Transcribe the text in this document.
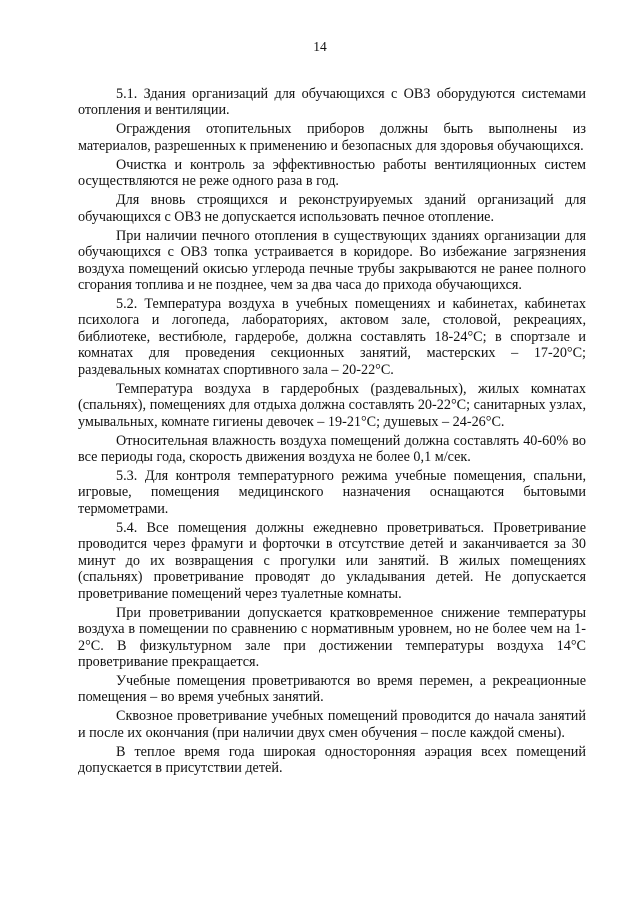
14

5.1. Здания организаций для обучающихся с ОВЗ оборудуются системами отопления и вентиляции.

Ограждения отопительных приборов должны быть выполнены из материалов, разрешенных к применению и безопасных для здоровья обучающихся.

Очистка и контроль за эффективностью работы вентиляционных систем осуществляются не реже одного раза в год.

Для вновь строящихся и реконструируемых зданий организаций для обучающихся с ОВЗ не допускается использовать печное отопление.

При наличии печного отопления в существующих зданиях организации для обучающихся с ОВЗ топка устраивается в коридоре. Во избежание загрязнения воздуха помещений окисью углерода печные трубы закрываются не ранее полного сгорания топлива и не позднее, чем за два часа до прихода обучающихся.

5.2. Температура воздуха в учебных помещениях и кабинетах, кабинетах психолога и логопеда, лабораториях, актовом зале, столовой, рекреациях, библиотеке, вестибюле, гардеробе, должна составлять 18-24°С; в спортзале и комнатах для проведения секционных занятий, мастерских – 17-20°С; раздевальных комнатах спортивного зала – 20-22°С.

Температура воздуха в гардеробных (раздевальных), жилых комнатах (спальнях), помещениях для отдыха должна составлять 20-22°С; санитарных узлах, умывальных, комнате гигиены девочек – 19-21°С; душевых – 24-26°С.

Относительная влажность воздуха помещений должна составлять 40-60% во все периоды года, скорость движения воздуха не более 0,1 м/сек.

5.3. Для контроля температурного режима учебные помещения, спальни, игровые, помещения медицинского назначения оснащаются бытовыми термометрами.

5.4. Все помещения должны ежедневно проветриваться. Проветривание проводится через фрамуги и форточки в отсутствие детей и заканчивается за 30 минут до их возвращения с прогулки или занятий. В жилых помещениях (спальнях) проветривание проводят до укладывания детей. Не допускается проветривание помещений через туалетные комнаты.

При проветривании допускается кратковременное снижение температуры воздуха в помещении по сравнению с нормативным уровнем, но не более чем на 1-2°С. В физкультурном зале при достижении температуры воздуха 14°С проветривание прекращается.

Учебные помещения проветриваются во время перемен, а рекреационные помещения – во время учебных занятий.

Сквозное проветривание учебных помещений проводится до начала занятий и после их окончания (при наличии двух смен обучения – после каждой смены).

В теплое время года широкая односторонняя аэрация всех помещений допускается в присутствии детей.
